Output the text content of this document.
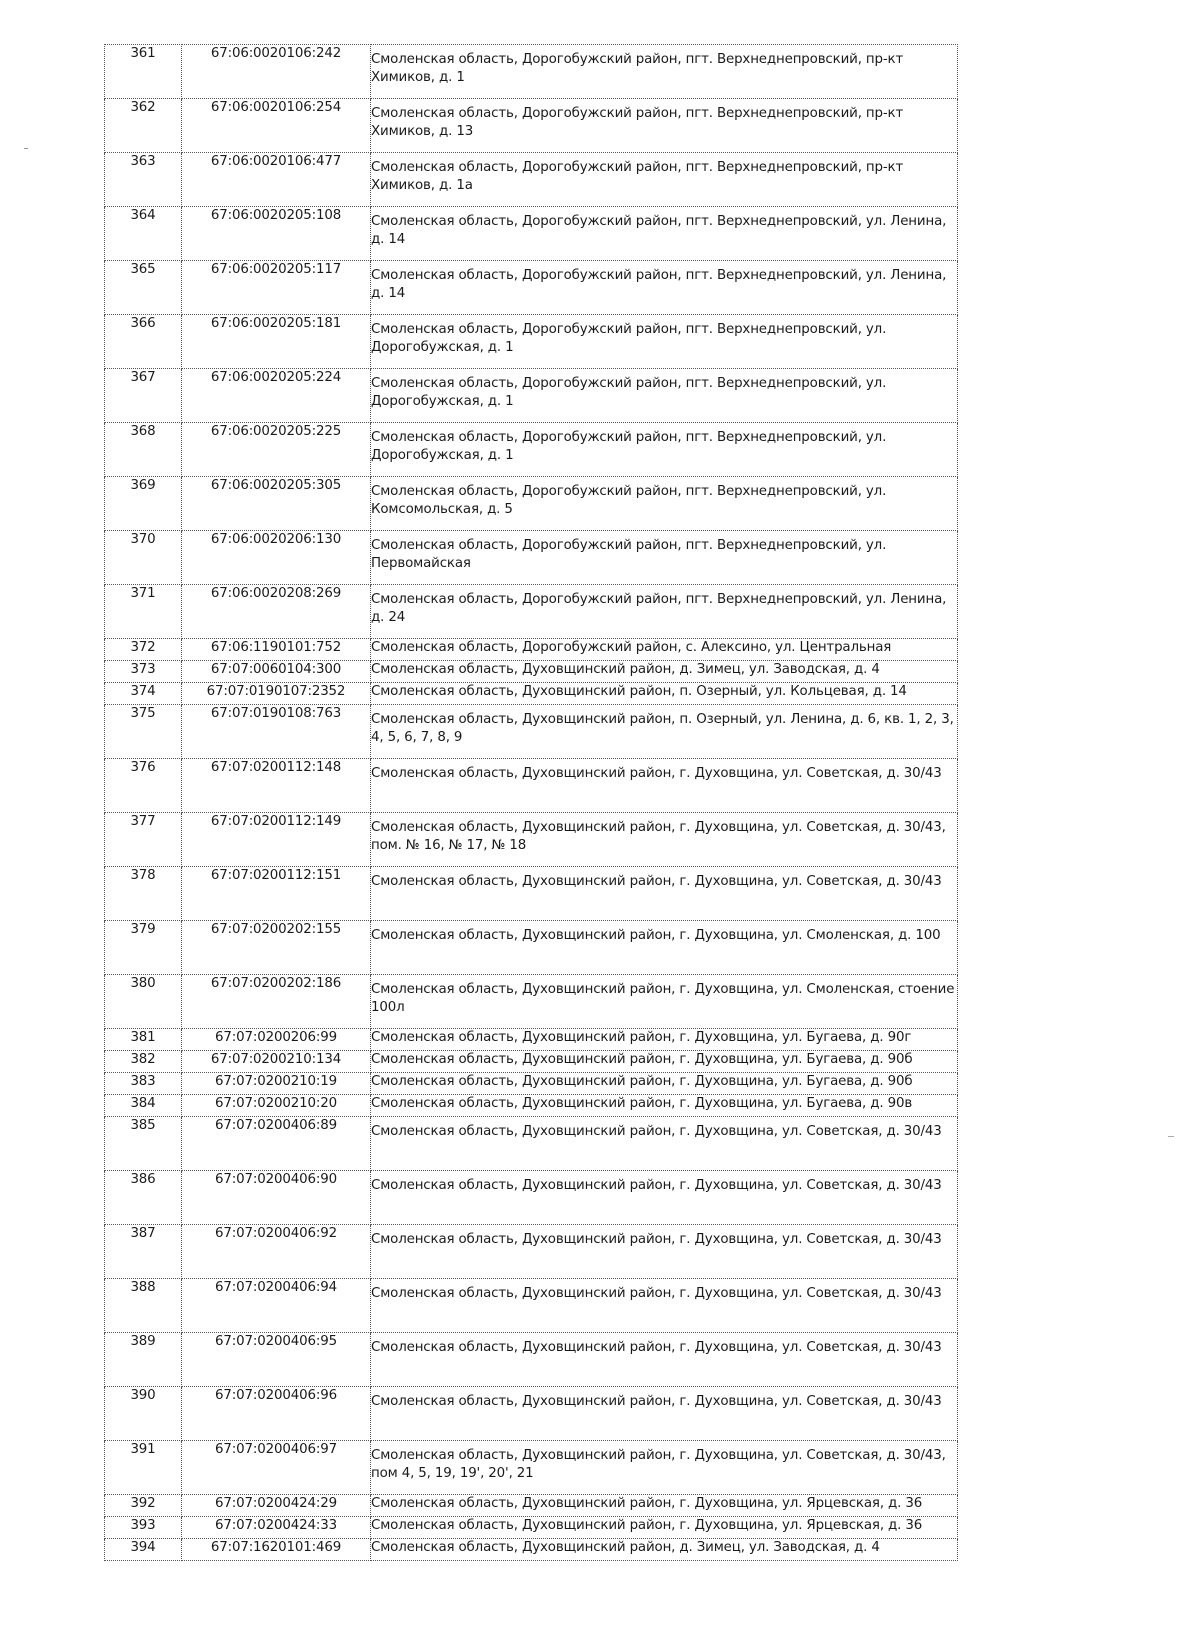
361	67:06:0020106:242	Смоленская область, Дорогобужский район, пгт. Верхнеднепровский, пр-кт Химиков, д. 1
362	67:06:0020106:254	Смоленская область, Дорогобужский район, пгт. Верхнеднепровский, пр-кт Химиков, д. 13
363	67:06:0020106:477	Смоленская область, Дорогобужский район, пгт. Верхнеднепровский, пр-кт Химиков, д. 1а
364	67:06:0020205:108	Смоленская область, Дорогобужский район, пгт. Верхнеднепровский, ул. Ленина, д. 14
365	67:06:0020205:117	Смоленская область, Дорогобужский район, пгт. Верхнеднепровский, ул. Ленина, д. 14
366	67:06:0020205:181	Смоленская область, Дорогобужский район, пгт. Верхнеднепровский, ул. Дорогобужская, д. 1
367	67:06:0020205:224	Смоленская область, Дорогобужский район, пгт. Верхнеднепровский, ул. Дорогобужская, д. 1
368	67:06:0020205:225	Смоленская область, Дорогобужский район, пгт. Верхнеднепровский, ул. Дорогобужская, д. 1
369	67:06:0020205:305	Смоленская область, Дорогобужский район, пгт. Верхнеднепровский, ул. Комсомольская, д. 5
370	67:06:0020206:130	Смоленская область, Дорогобужский район, пгт. Верхнеднепровский, ул. Первомайская
371	67:06:0020208:269	Смоленская область, Дорогобужский район, пгт. Верхнеднепровский, ул. Ленина, д. 24
372	67:06:1190101:752	Смоленская область, Дорогобужский район, с. Алексино, ул. Центральная
373	67:07:0060104:300	Смоленская область, Духовщинский район, д. Зимец, ул. Заводская, д. 4
374	67:07:0190107:2352	Смоленская область, Духовщинский район, п. Озерный, ул. Кольцевая, д. 14
375	67:07:0190108:763	Смоленская область, Духовщинский район, п. Озерный, ул. Ленина, д. 6, кв. 1, 2, 3, 4, 5, 6, 7, 8, 9
376	67:07:0200112:148	Смоленская область, Духовщинский район, г. Духовщина, ул. Советская, д. 30/43
377	67:07:0200112:149	Смоленская область, Духовщинский район, г. Духовщина, ул. Советская, д. 30/43, пом. № 16, № 17, № 18
378	67:07:0200112:151	Смоленская область, Духовщинский район, г. Духовщина, ул. Советская, д. 30/43
379	67:07:0200202:155	Смоленская область, Духовщинский район, г. Духовщина, ул. Смоленская, д. 100
380	67:07:0200202:186	Смоленская область, Духовщинский район, г. Духовщина, ул. Смоленская, стоение 100л
381	67:07:0200206:99	Смоленская область, Духовщинский район, г. Духовщина, ул. Бугаева, д. 90г
382	67:07:0200210:134	Смоленская область, Духовщинский район, г. Духовщина, ул. Бугаева, д. 90б
383	67:07:0200210:19	Смоленская область, Духовщинский район, г. Духовщина, ул. Бугаева, д. 90б
384	67:07:0200210:20	Смоленская область, Духовщинский район, г. Духовщина, ул. Бугаева, д. 90в
385	67:07:0200406:89	Смоленская область, Духовщинский район, г. Духовщина, ул. Советская, д. 30/43
386	67:07:0200406:90	Смоленская область, Духовщинский район, г. Духовщина, ул. Советская, д. 30/43
387	67:07:0200406:92	Смоленская область, Духовщинский район, г. Духовщина, ул. Советская, д. 30/43
388	67:07:0200406:94	Смоленская область, Духовщинский район, г. Духовщина, ул. Советская, д. 30/43
389	67:07:0200406:95	Смоленская область, Духовщинский район, г. Духовщина, ул. Советская, д. 30/43
390	67:07:0200406:96	Смоленская область, Духовщинский район, г. Духовщина, ул. Советская, д. 30/43
391	67:07:0200406:97	Смоленская область, Духовщинский район, г. Духовщина, ул. Советская, д. 30/43, пом 4, 5, 19, 19', 20', 21
392	67:07:0200424:29	Смоленская область, Духовщинский район, г. Духовщина, ул. Ярцевская, д. 36
393	67:07:0200424:33	Смоленская область, Духовщинский район, г. Духовщина, ул. Ярцевская, д. 36
394	67:07:1620101:469	Смоленская область, Духовщинский район, д. Зимец, ул. Заводская, д. 4
